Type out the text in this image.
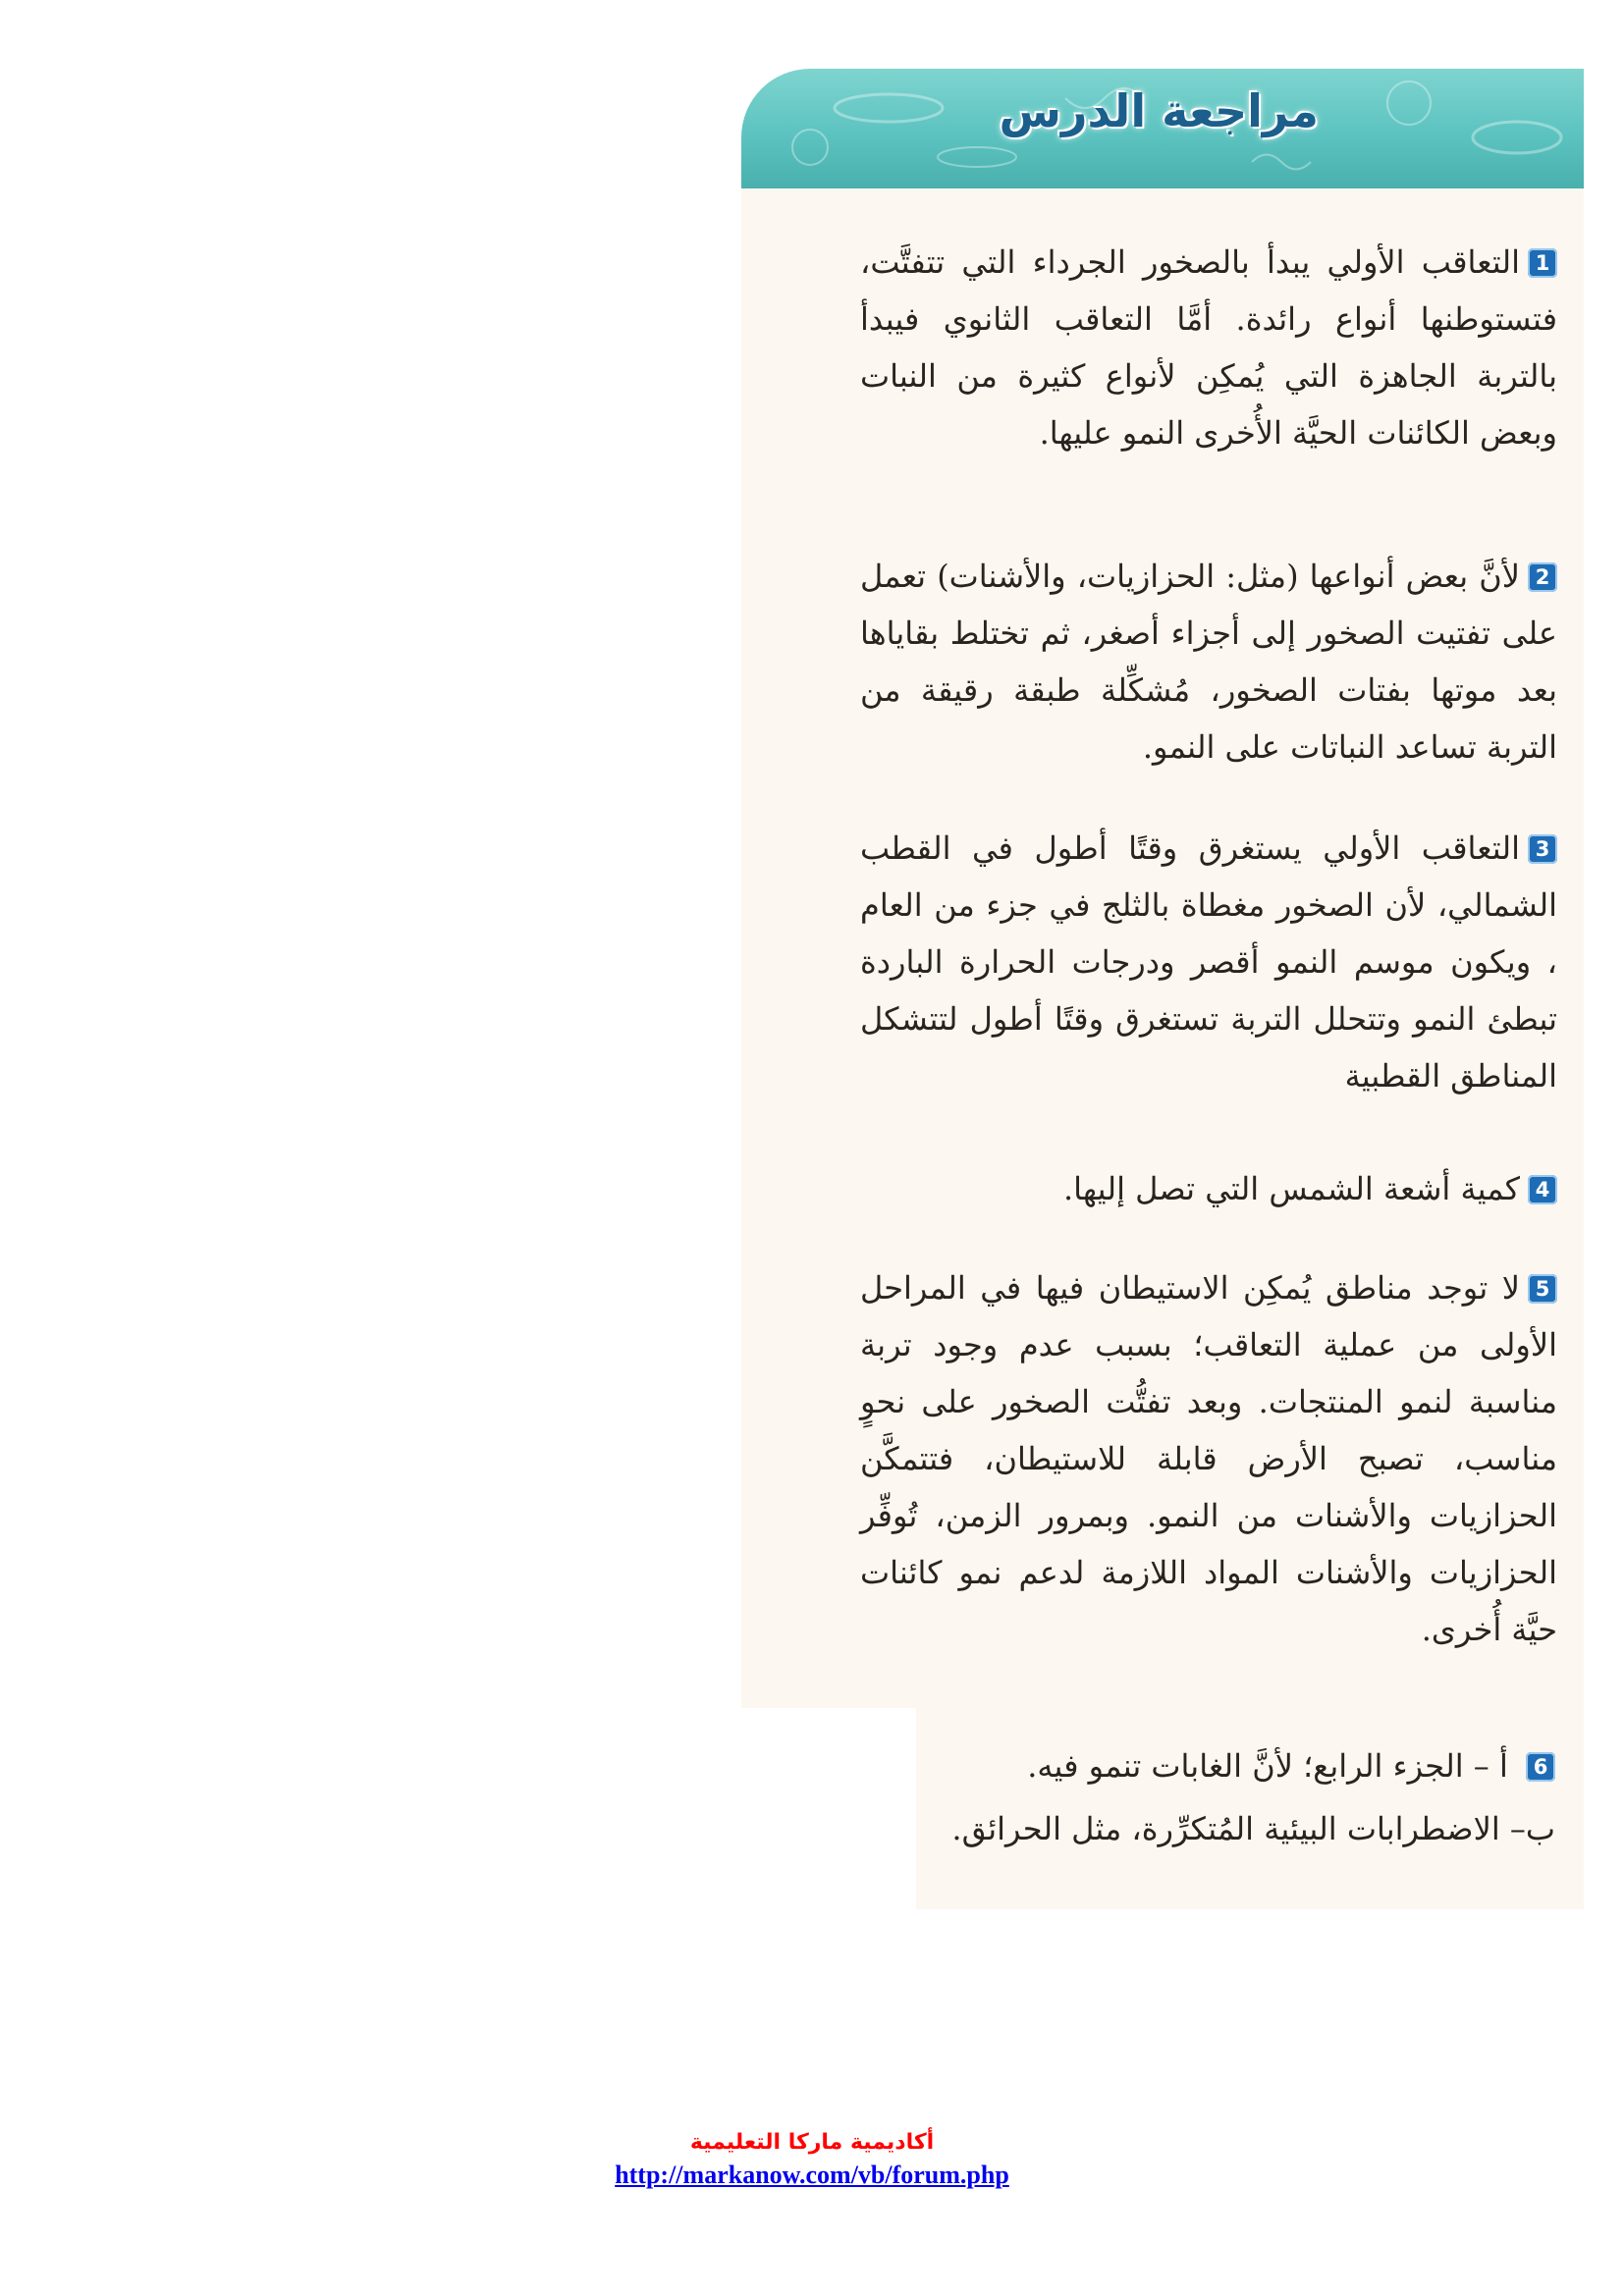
مراجعة الدرس
1التعاقب الأولي يبدأ بالصخور الجرداء التي تتفتَّت، فتستوطنها أنواع رائدة. أمَّا التعاقب الثانوي فيبدأ بالتربة الجاهزة التي يُمكِن لأنواع كثيرة من النبات وبعض الكائنات الحيَّة الأُخرى النمو عليها.
2لأنَّ بعض أنواعها (مثل: الحزازيات، والأشنات) تعمل على تفتيت الصخور إلى أجزاء أصغر، ثم تختلط بقاياها بعد موتها بفتات الصخور، مُشكِّلة طبقة رقيقة من التربة تساعد النباتات على النمو.
3التعاقب الأولي يستغرق وقتًا أطول في القطب الشمالي، لأن الصخور مغطاة بالثلج في جزء من العام ، ويكون موسم النمو أقصر ودرجات الحرارة الباردة تبطئ النمو وتتحلل التربة تستغرق وقتًا أطول لتتشكل المناطق القطبية
4كمية أشعة الشمس التي تصل إليها.
5لا توجد مناطق يُمكِن الاستيطان فيها في المراحل الأولى من عملية التعاقب؛ بسبب عدم وجود تربة مناسبة لنمو المنتجات. وبعد تفتُّت الصخور على نحوٍ مناسب، تصبح الأرض قابلة للاستيطان، فتتمكَّن الحزازيات والأشنات من النمو. وبمرور الزمن، تُوفِّر الحزازيات والأشنات المواد اللازمة لدعم نمو كائنات حيَّة أُخرى.
6 أ – الجزء الرابع؛ لأنَّ الغابات تنمو فيه.
ب– الاضطرابات البيئية المُتكرِّرة، مثل الحرائق.
أكاديمية ماركا التعليمية
http://markanow.com/vb/forum.php
